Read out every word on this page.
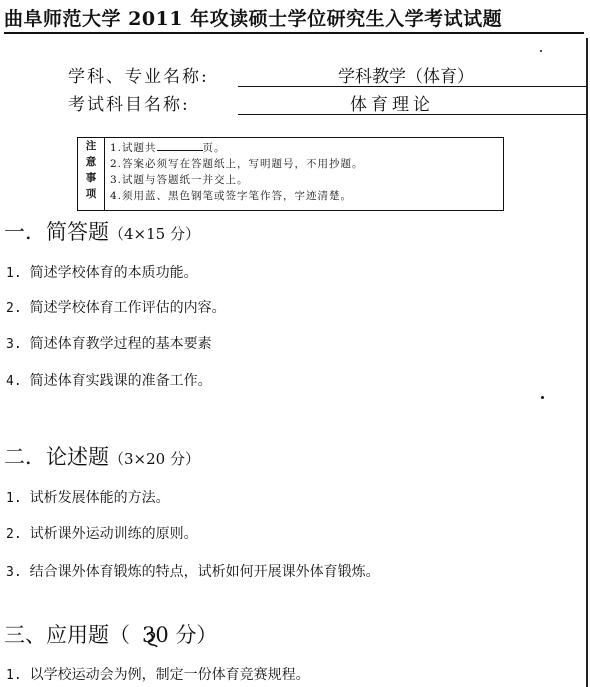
曲阜师范大学 2011 年攻读硕士学位研究生入学考试试题
学科、专业名称:	学科教学（体育）
考试科目名称:	体育理论
注
意
事
项
1.试题共	页。
2.答案必须写在答题纸上，写明题号，不用抄题。
3.试题与答题纸一并交上。
4.须用蓝、黑色钢笔或签字笔作答，字迹清楚。
一．简答题（4×15 分）
1. 简述学校体育的本质功能。
2. 简述学校体育工作评估的内容。
3. 简述体育教学过程的基本要素
4. 简述体育实践课的准备工作。
二．论述题（3×20 分）
1. 试析发展体能的方法。
2. 试析课外运动训练的原则。
3. 结合课外体育锻炼的特点，试析如何开展课外体育锻炼。
三、应用题（ 30 分）
1. 以学校运动会为例，制定一份体育竞赛规程。
